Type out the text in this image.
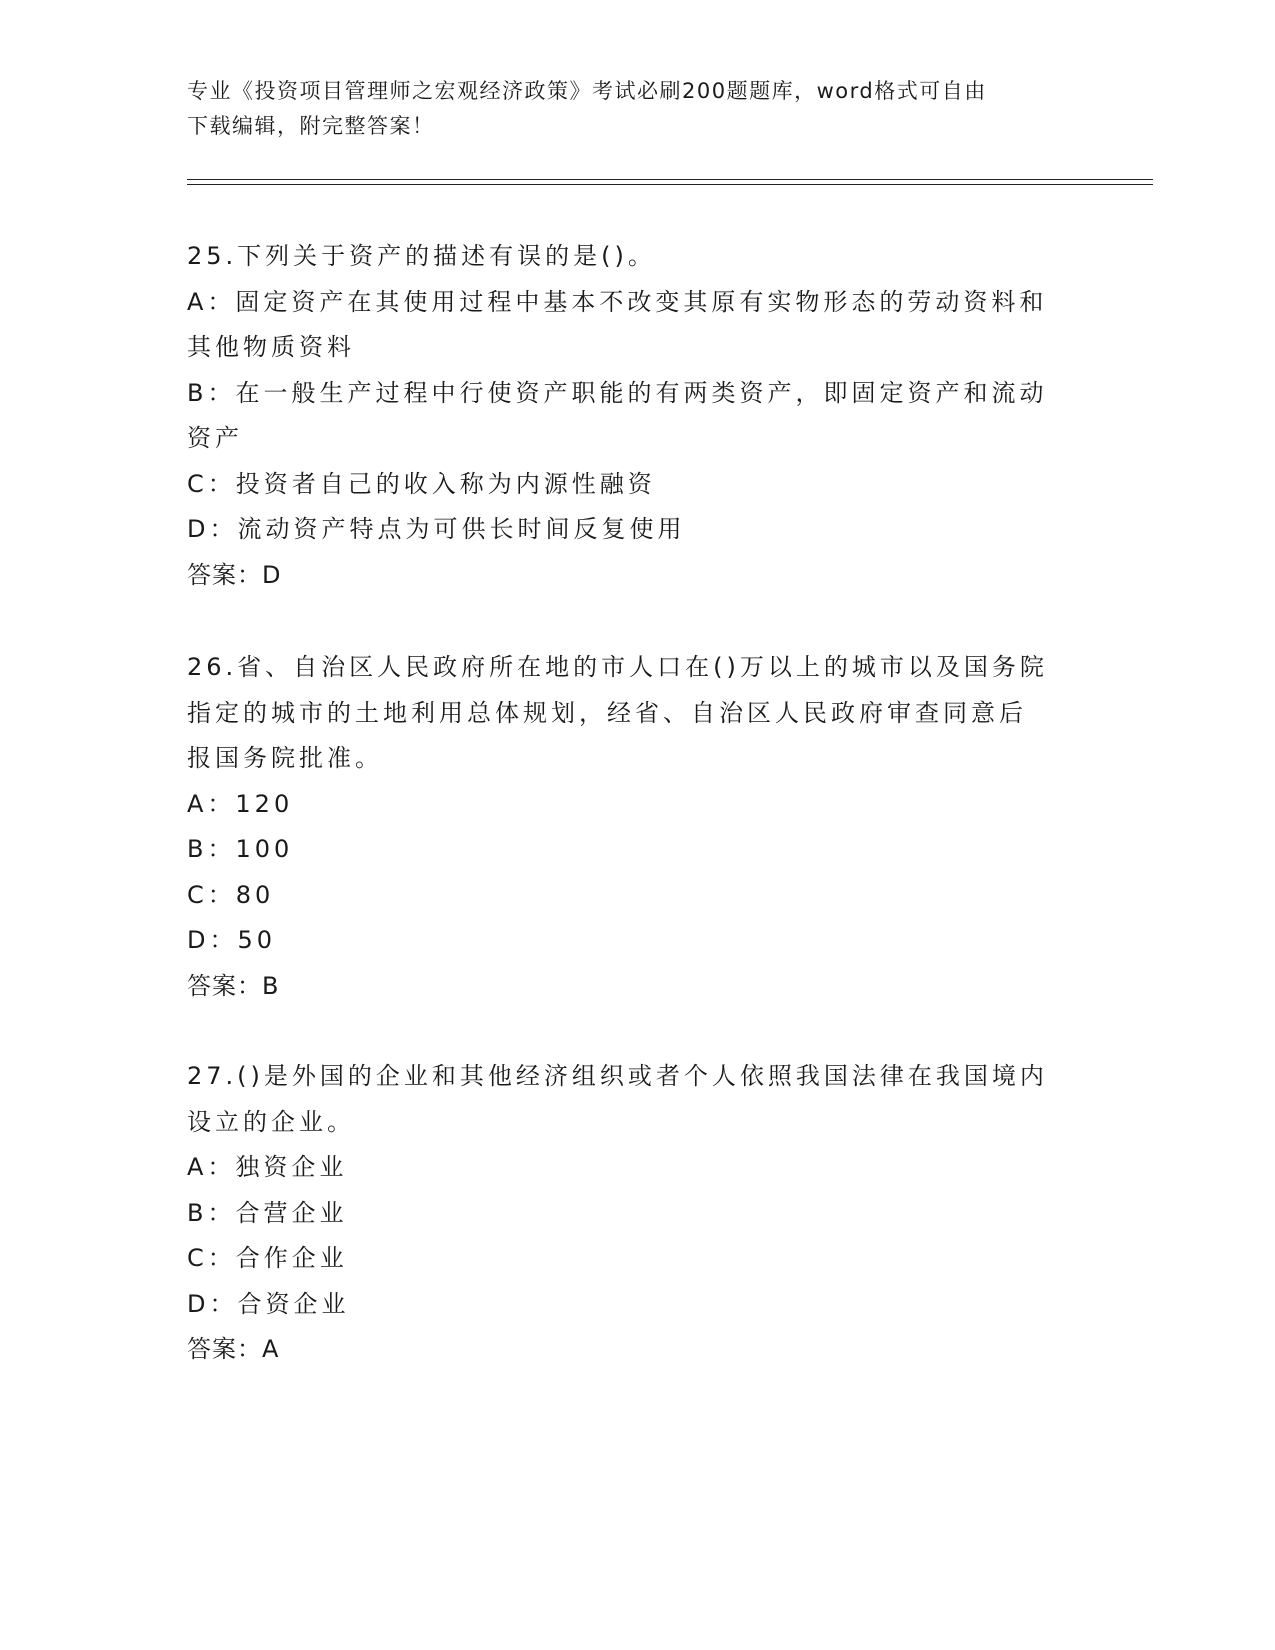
专业《投资项目管理师之宏观经济政策》考试必刷200题题库，word格式可自由
下载编辑，附完整答案！
25.下列关于资产的描述有误的是()。
A：固定资产在其使用过程中基本不改变其原有实物形态的劳动资料和
其他物质资料
B：在一般生产过程中行使资产职能的有两类资产，即固定资产和流动
资产
C：投资者自己的收入称为内源性融资
D：流动资产特点为可供长时间反复使用
答案：D
26.省、自治区人民政府所在地的市人口在()万以上的城市以及国务院
指定的城市的土地利用总体规划，经省、自治区人民政府审查同意后
报国务院批准。
A：120
B：100
C：80
D：50
答案：B
27.()是外国的企业和其他经济组织或者个人依照我国法律在我国境内
设立的企业。
A：独资企业
B：合营企业
C：合作企业
D：合资企业
答案：A
